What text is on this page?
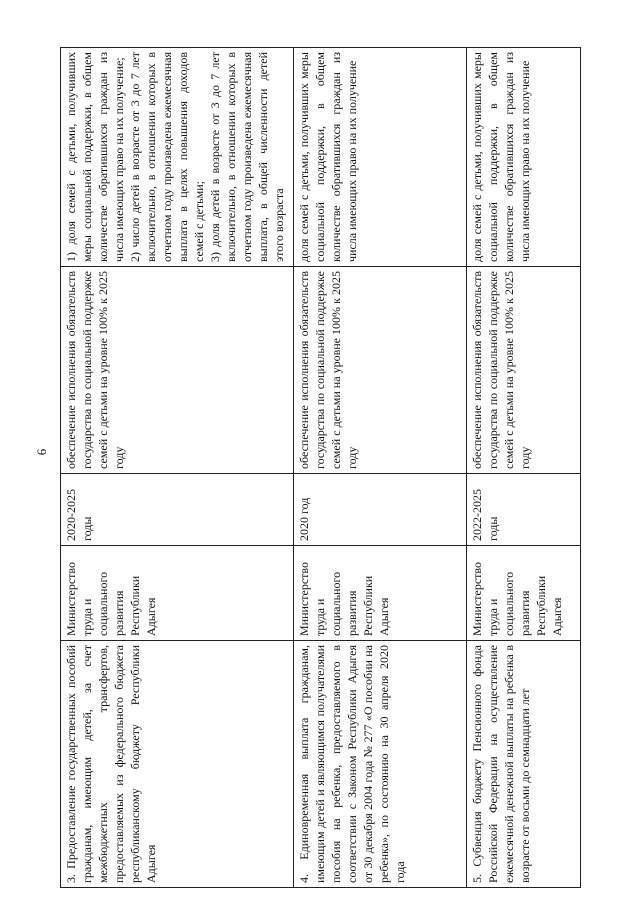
6
3. Предоставление государственных пособий гражданам, имеющим детей, за счет межбюджетных трансфертов, предоставляемых из федерального бюджета республиканскому бюджету Республики Адыгея	Министерство труда и социального развития Республики Адыгея	2020-2025 годы	обеспечение исполнения обязательств государства по социальной поддержке семей с детьми на уровне 100% к 2025 году	1) доля семей с детьми, получивших меры социальной поддержки, в общем количестве обратившихся граждан из числа имеющих право на их получение; 2) число детей в возрасте от 3 до 7 лет включительно, в отношении которых в отчетном году произведена ежемесячная выплата в целях повышения доходов семей с детьми; 3) доля детей в возрасте от 3 до 7 лет включительно, в отношении которых в отчетном году произведена ежемесячная выплата, в общей численности детей этого возраста

4. Единовременная выплата гражданам, имеющим детей и являющимся получателями пособия на ребенка, предоставляемого в соответствии с Законом Республики Адыгея от 30 декабря 2004 года № 277 «О пособии на ребенка», по состоянию на 30 апреля 2020 года	Министерство труда и социального развития Республики Адыгея	2020 год	обеспечение исполнения обязательств государства по социальной поддержке семей с детьми на уровне 100% к 2025 году	доля семей с детьми, получивших меры социальной поддержки, в общем количестве обратившихся граждан из числа имеющих право на их получение

5. Субвенция бюджету Пенсионного фонда Российской Федерации на осуществление ежемесячной денежной выплаты на ребенка в возрасте от восьми до семнадцати лет	Министерство труда и социального развития Республики Адыгея	2022-2025 годы	обеспечение исполнения обязательств государства по социальной поддержке семей с детьми на уровне 100% к 2025 году	доля семей с детьми, получивших меры социальной поддержки, в общем количестве обратившихся граждан из числа имеющих право на их получение
